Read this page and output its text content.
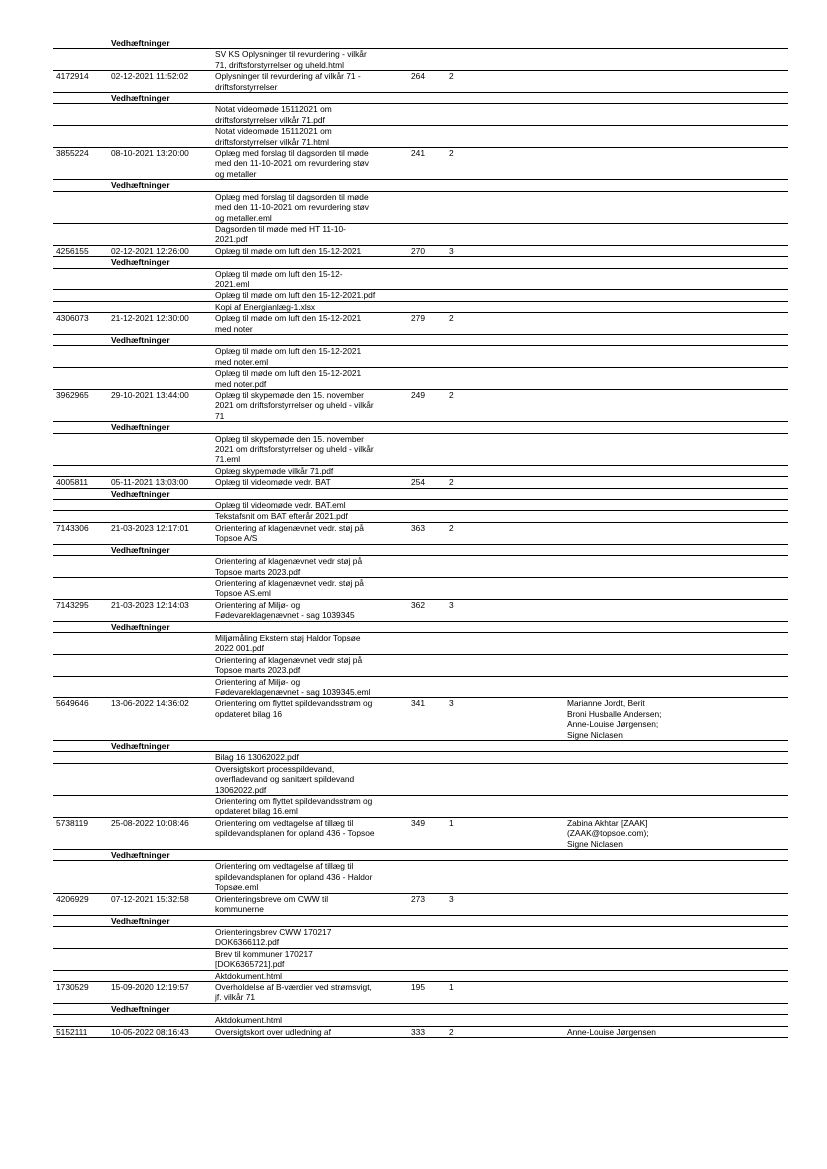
	Vedhæftninger					

		SV KS Oplysninger til revurdering - vilkår
71, driftsforstyrrelser og uheld.html				

4172914	02-12-2021 11:52:02	Oplysninger til revurdering af vilkår 71 -
driftsforstyrrelser	264	2		
	Vedhæftninger					

		Notat videomøde 15112021 om
driftsforstyrrelser vilkår 71.pdf				

		Notat videomøde 15112021 om
driftsforstyrrelser vilkår 71.html				

3855224	08-10-2021 13:20:00	Oplæg med forslag til dagsorden til møde
med den 11-10-2021 om revurdering støv
og metaller	241	2		
	Vedhæftninger					

		Oplæg med forslag til dagsorden til møde
med den 11-10-2021 om revurdering støv
og metaller.eml				

		Dagsorden til møde med HT 11-10-
2021.pdf				

4256155	02-12-2021 12:26:00	Oplæg til møde om luft den 15-12-2021	270	3		
	Vedhæftninger					

		Oplæg til møde om luft den 15-12-
2021.eml				

		Oplæg til møde om luft den 15-12-2021.pdf				

		Kopi af Energianlæg-1.xlsx				

4306073	21-12-2021 12:30:00	Oplæg til møde om luft den 15-12-2021
med noter	279	2		
	Vedhæftninger					

		Oplæg til møde om luft den 15-12-2021
med noter.eml				

		Oplæg til møde om luft den 15-12-2021
med noter.pdf				

3962965	29-10-2021 13:44:00	Oplæg til skypemøde den 15. november
2021 om driftsforstyrrelser og uheld - vilkår
71	249	2		
	Vedhæftninger					

		Oplæg til skypemøde den 15. november
2021 om driftsforstyrrelser og uheld - vilkår
71.eml				

		Oplæg skypemøde vilkår 71.pdf				

4005811	05-11-2021 13:03:00	Oplæg til videomøde vedr. BAT	254	2		
	Vedhæftninger					

		Oplæg til videomøde vedr. BAT.eml				

		Tekstafsnit om BAT efterår 2021.pdf				

7143306	21-03-2023 12:17:01	Orientering af klagenævnet vedr. støj på
Topsoe A/S	363	2		
	Vedhæftninger					

		Orientering af klagenævnet vedr støj på
Topsoe marts 2023.pdf				

		Orientering af klagenævnet vedr. støj på
Topsoe AS.eml				

7143295	21-03-2023 12:14:03	Orientering af Miljø- og
Fødevareklagenævnet - sag 1039345	362	3		
	Vedhæftninger					

		Miljømåling Ekstern støj Haldor Topsøe
2022 001.pdf				

		Orientering af klagenævnet vedr støj på
Topsoe marts 2023.pdf				

		Orientering af Miljø- og
Fødevareklagenævnet - sag 1039345.eml				

5649646	13-06-2022 14:36:02	Orientering om flyttet spildevandsstrøm og
opdateret bilag 16	341	3		Marianne Jordt, Berit
Broni Husballe Andersen;
Anne-Louise Jørgensen;
Signe Niclasen

	Vedhæftninger					

		Bilag 16 13062022.pdf				

		Oversigtskort processpildevand,
overfladevand og sanitært spildevand
13062022.pdf				

		Orientering om flyttet spildevandsstrøm og
opdateret bilag 16.eml				

5738119	25-08-2022 10:08:46	Orientering om vedtagelse af tillæg til
spildevandsplanen for opland 436 - Topsoe	349	1		Zabina Akhtar [ZAAK]
(ZAAK@topsoe.com);
Signe Niclasen

	Vedhæftninger					

		Orientering om vedtagelse af tillæg til
spildevandsplanen for opland 436 - Haldor
Topsøe.eml				

4206929	07-12-2021 15:32:58	Orienteringsbreve om CWW til
kommunerne	273	3		
	Vedhæftninger					

		Orienteringsbrev CWW 170217
DOK6366112.pdf				

		Brev til kommuner 170217
[DOK6365721].pdf				

		Aktdokument.html				

1730529	15-09-2020 12:19:57	Overholdelse af B-værdier ved strømsvigt,
jf. vilkår 71	195	1		
	Vedhæftninger					

		Aktdokument.html				

5152111	10-05-2022 08:16:43	Oversigtskort over udledning af	333	2		Anne-Louise Jørgensen
